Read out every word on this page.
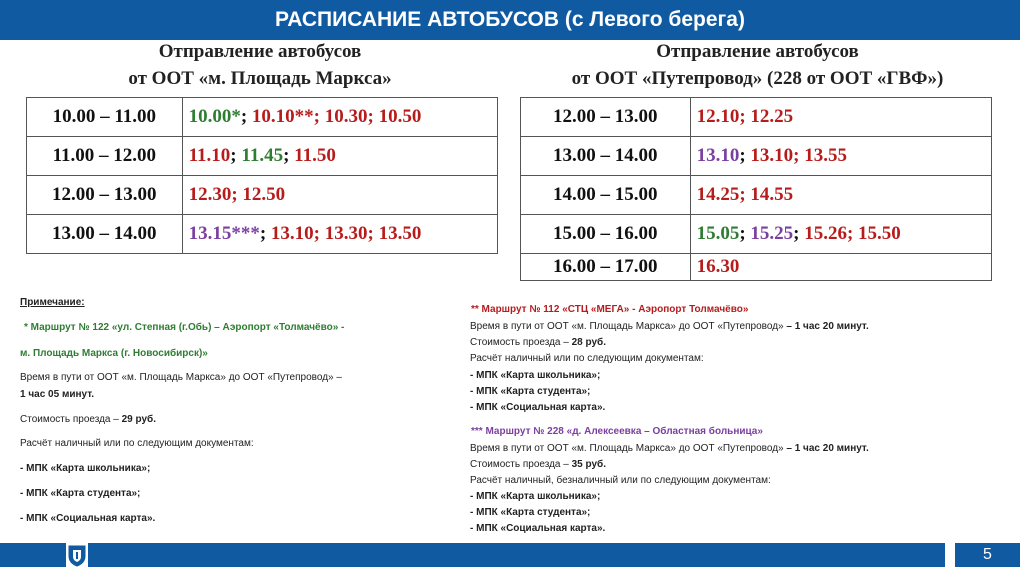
РАСПИСАНИЕ АВТОБУСОВ (с Левого берега)
Отправление автобусов
от ООТ «м. Площадь Маркса»
Отправление автобусов
от ООТ «Путепровод» (228 от ООТ «ГВФ»)
10.00 – 11.00	10.00*; 10.10**; 10.30; 10.50
11.00 – 12.00	11.10; 11.45; 11.50
12.00 – 13.00	12.30; 12.50
13.00 – 14.00	13.15***; 13.10; 13.30; 13.50
12.00 – 13.00	12.10; 12.25
13.00 – 14.00	13.10; 13.10; 13.55
14.00 – 15.00	14.25; 14.55
15.00 – 16.00	15.05; 15.25; 15.26; 15.50
16.00 – 17.00	16.30
Примечание:
* Маршрут № 122 «ул. Степная (г.Обь) – Аэропорт «Толмачёво» -
м. Площадь Маркса (г. Новосибирск)»
Время в пути от ООТ «м. Площадь Маркса» до ООТ «Путепровод» –
1 час 05 минут.
Стоимость проезда – 29 руб.
Расчёт наличный или по следующим документам:
- МПК «Карта школьника»;
- МПК «Карта студента»;
- МПК «Социальная карта».
** Маршрут № 112 «СТЦ «МЕГА» - Аэропорт Толмачёво»
Время в пути от ООТ «м. Площадь Маркса» до ООТ «Путепровод» – 1 час 20 минут.
Стоимость проезда – 28 руб.
Расчёт наличный или по следующим документам:
- МПК «Карта школьника»;
- МПК «Карта студента»;
- МПК «Социальная карта».
*** Маршрут № 228 «д. Алексеевка – Областная больница»
Время в пути от ООТ «м. Площадь Маркса» до ООТ «Путепровод» – 1 час 20 минут.
Стоимость проезда – 35 руб.
Расчёт наличный, безналичный или по следующим документам:
- МПК «Карта школьника»;
- МПК «Карта студента»;
- МПК «Социальная карта».
5
